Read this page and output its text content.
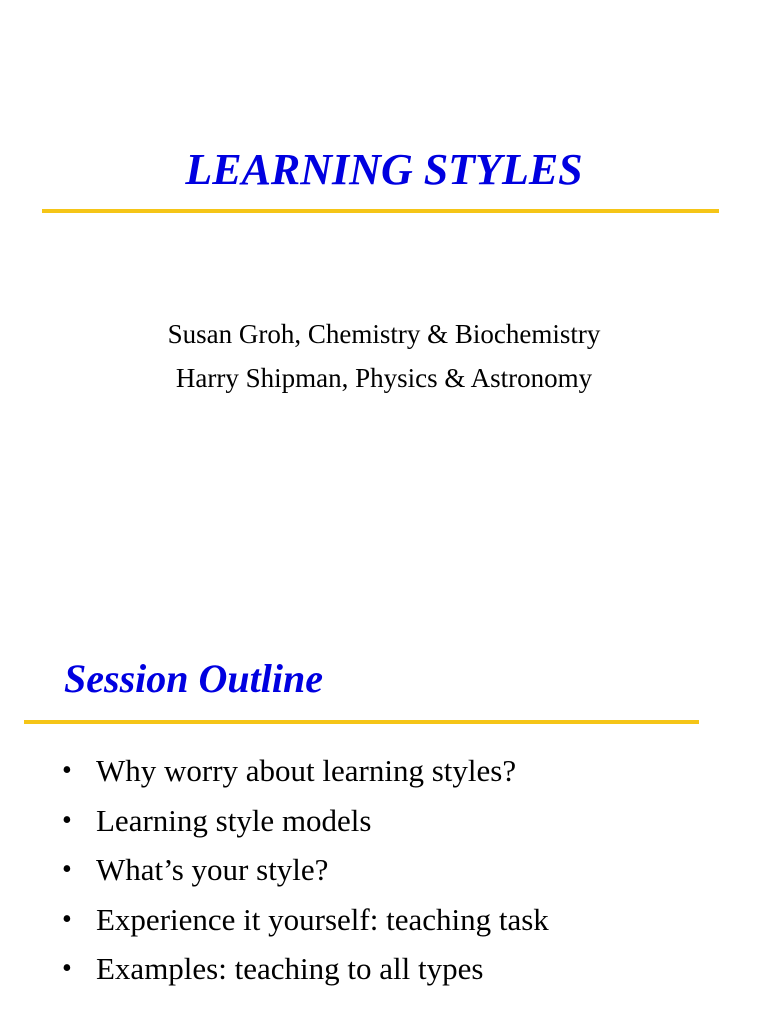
LEARNING STYLES
Susan Groh, Chemistry & Biochemistry
Harry Shipman, Physics & Astronomy
Session Outline
• Why worry about learning styles?
• Learning style models
• What’s your style?
• Experience it yourself: teaching task
• Examples: teaching to all types
